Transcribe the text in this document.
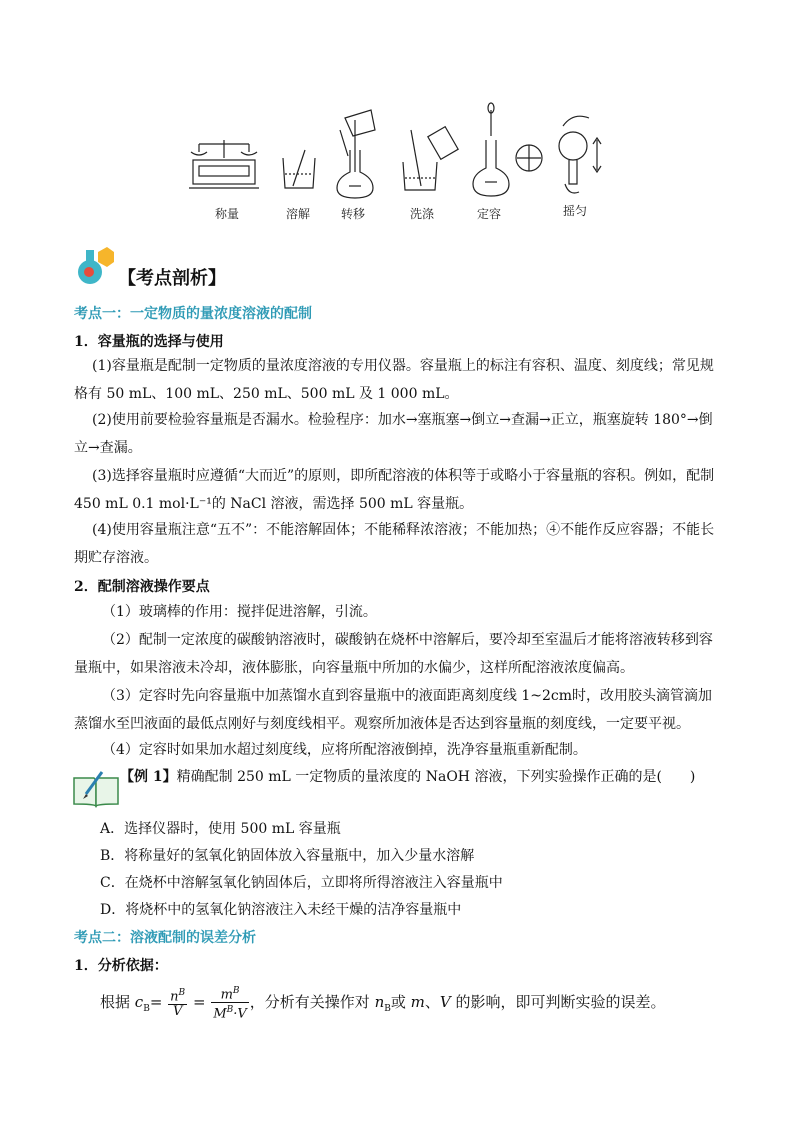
称量	溶解	转移	洗涤	定容	摇匀
【考点剖析】
考点一：一定物质的量浓度溶液的配制
1．容量瓶的选择与使用
(1)容量瓶是配制一定物质的量浓度溶液的专用仪器。容量瓶上的标注有容积、温度、刻度线；常见规格有 50 mL、100 mL、250 mL、500 mL 及 1 000 mL。
(2)使用前要检验容量瓶是否漏水。检验程序：加水→塞瓶塞→倒立→查漏→正立，瓶塞旋转 180°→倒立→查漏。
(3)选择容量瓶时应遵循“大而近”的原则，即所配溶液的体积等于或略小于容量瓶的容积。例如，配制 450 mL 0.1 mol·L⁻¹的 NaCl 溶液，需选择 500 mL 容量瓶。
(4)使用容量瓶注意“五不”：不能溶解固体；不能稀释浓溶液；不能加热；④不能作反应容器；不能长期贮存溶液。
2．配制溶液操作要点
（1）玻璃棒的作用：搅拌促进溶解，引流。
（2）配制一定浓度的碳酸钠溶液时，碳酸钠在烧杯中溶解后，要冷却至室温后才能将溶液转移到容量瓶中，如果溶液未冷却，液体膨胀，向容量瓶中所加的水偏少，这样所配溶液浓度偏高。
（3）定容时先向容量瓶中加蒸馏水直到容量瓶中的液面距离刻度线 1~2cm时，改用胶头滴管滴加蒸馏水至凹液面的最低点刚好与刻度线相平。观察所加液体是否达到容量瓶的刻度线，一定要平视。
（4）定容时如果加水超过刻度线，应将所配溶液倒掉，洗净容量瓶重新配制。
【例 1】精确配制 250 mL 一定物质的量浓度的 NaOH 溶液，下列实验操作正确的是(　　)
A．选择仪器时，使用 500 mL 容量瓶
B．将称量好的氢氧化钠固体放入容量瓶中，加入少量水溶解
C．在烧杯中溶解氢氧化钠固体后，立即将所得溶液注入容量瓶中
D．将烧杯中的氢氧化钠溶液注入未经干燥的洁净容量瓶中
考点二：溶液配制的误差分析
1．分析依据：
根据 $c_B= \frac{n^B}{V} = \frac{m^B}{M^B\cdot V}$ ，分析有关操作对 $n_B$或 m、V 的影响，即可判断实验的误差。
